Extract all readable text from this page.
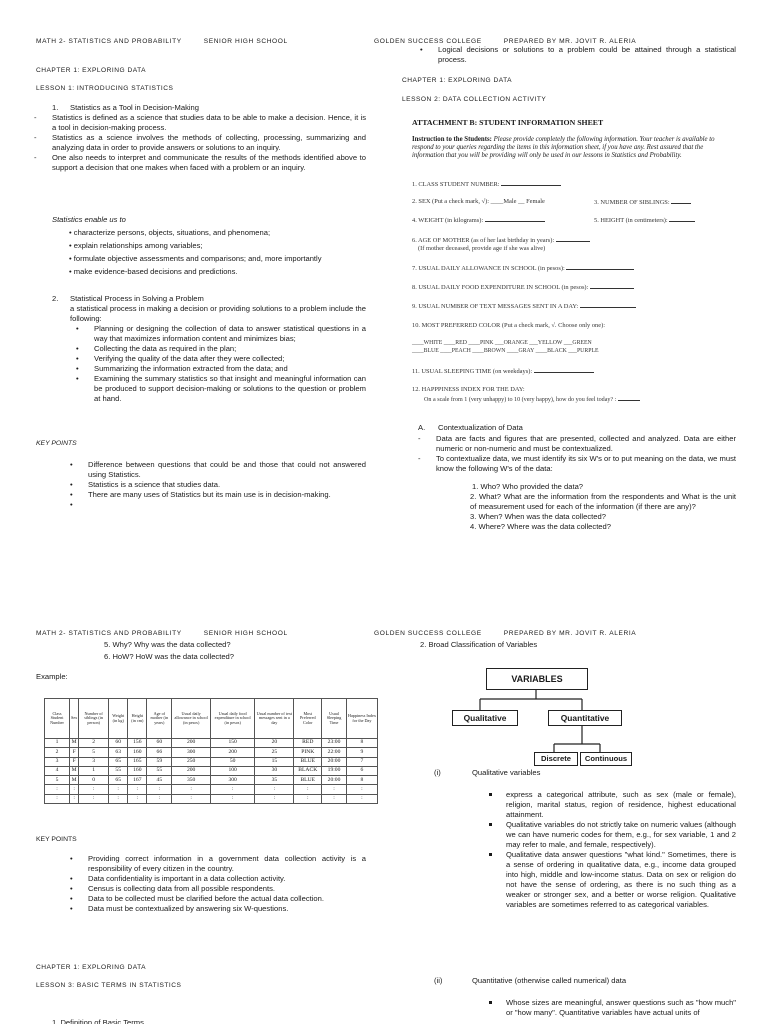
MATH 2- STATISTICS AND PROBABILITY	SENIOR HIGH SCHOOL
CHAPTER 1: EXPLORING DATA
LESSON 1: INTRODUCING STATISTICS
1. Statistics as a Tool in Decision-Making
- Statistics is defined as a science that studies data to be able to make a decision. Hence, it is a tool in decision-making process.
- Statistics as a science involves the methods of collecting, processing, summarizing and analyzing data in order to provide answers or solutions to an inquiry.
- One also needs to interpret and communicate the results of the methods identified above to support a decision that one makes when faced with a problem or an inquiry.
Statistics enable us to

• characterize persons, objects, situations, and phenomena;

• explain relationships among variables;

• formulate objective assessments and comparisons; and, more importantly

• make evidence-based decisions and predictions.

2. Statistical Process in Solving a Problem

a statistical process in making a decision or providing solutions to a problem include the following:

• Planning or designing the collection of data to answer statistical questions in a way that maximizes information content and minimizes bias;
• Collecting the data as required in the plan;
• Verifying the quality of the data after they were collected;
• Summarizing the information extracted from the data; and
• Examining the summary statistics so that insight and meaningful information can be produced to support decision-making or solutions to the question or problem at hand.
KEY POINTS
• Difference between questions that could be and those that could not answered using Statistics.
• Statistics is a science that studies data.
• There are many uses of Statistics but its main use is in decision-making.
•
GOLDEN SUCCESS COLLEGE	PREPARED BY MR. JOVIT R. ALERIA
• Logical decisions or solutions to a problem could be attained through a statistical process.
CHAPTER 1: EXPLORING DATA
LESSON 2: DATA COLLECTION ACTIVITY
ATTACHMENT B: STUDENT INFORMATION SHEET
Instruction to the Students: Please provide completely the following information. Your teacher is available to respond to your queries regarding the items in this information sheet, if you have any. Rest assured that the information that you will be providing will only be used in our lessons in Statistics and Probability.
1. CLASS STUDENT NUMBER:
2. SEX (Put a check mark, √): ____Male __ Female	3. NUMBER OF SIBLINGS:
4. WEIGHT (in kilograms):	5. HEIGHT (in centimeters):
6. AGE OF MOTHER (as of her last birthday in years):
(If mother deceased, provide age if she was alive)
7. USUAL DAILY ALLOWANCE IN SCHOOL (in pesos):
8. USUAL DAILY FOOD EXPENDITURE IN SCHOOL (in pesos):
9. USUAL NUMBER OF TEXT MESSAGES SENT IN A DAY:
10. MOST PREFERRED COLOR (Put a check mark, √. Choose only one):
____WHITE ____RED ____PINK ___ORANGE ___YELLOW ___GREEN
____BLUE ____PEACH ____BROWN ____GRAY ____BLACK ___PURPLE
11. USUAL SLEEPING TIME (on weekdays):
12. HAPPPINESS INDEX FOR THE DAY:
On a scale from 1 (very unhappy) to 10 (very happy), how do you feel today? :
A. Contextualization of Data
- Data are facts and figures that are presented, collected and analyzed. Data are either numeric or non-numeric and must be contextualized.
- To contextualize data, we must identify its six W's or to put meaning on the data, we must know the following W's of the data:

1. Who? Who provided the data?

2. What? What are the information from the respondents and What is the unit of measurement used for each of the information (if there are any)?

3. When? When was the data collected?

4. Where? Where was the data collected?

MATH 2- STATISTICS AND PROBABILITY	SENIOR HIGH SCHOOL
5. Why? Why was the data collected?
6. HoW? HoW was the data collected?
Example:
Class Student Number	Sex	Number of siblings (in person)	Weight (in kg)	Height (in cm)	Age of mother (in years)	Usual daily allowance in school (in pesos)	Usual daily food expenditure in school (in pesos)	Usual number of text messages sent in a day	Most Preferred Color	Usual Sleeping Time	Happiness Index for the Day
1	M	2	60	156	60	200	150	20	RED	23:00	8
2	F	5	63	160	66	300	200	25	PINK	22:00	9
3	F	3	65	165	59	250	50	15	BLUE	20:00	7
4	M	1	55	160	55	200	100	30	BLACK	19:00	6
5	M	0	65	167	45	350	300	35	BLUE	20:00	8
:	:	:	:	:	:	:	:	:	:	:	:
:	:	:	:	:	:	:	:	:	:	:	:
KEY POINTS
• Providing correct information in a government data collection activity is a responsibility of every citizen in the country.
• Data confidentiality is important in a data collection activity.
• Census is collecting data from all possible respondents.
• Data to be collected must be clarified before the actual data collection.
• Data must be contextualized by answering six W-questions.
CHAPTER 1: EXPLORING DATA
LESSON 3: BASIC TERMS IN STATISTICS
1. Definition of Basic Terms
GOLDEN SUCCESS COLLEGE	PREPARED BY MR. JOVIT R. ALERIA
2. Broad Classification of Variables
VARIABLES
Qualitative	Quantitative
Discrete	Continuous
(i)	Qualitative variables
express a categorical attribute, such as sex (male or female), religion, marital status, region of residence, highest educational attainment.
Qualitative variables do not strictly take on numeric values (although we can have numeric codes for them, e.g., for sex variable, 1 and 2 may refer to male, and female, respectively).
Qualitative data answer questions "what kind." Sometimes, there is a sense of ordering in qualitative data, e.g., income data grouped into high, middle and low-income status. Data on sex or religion do not have the sense of ordering, as there is no such thing as a weaker or stronger sex, and a better or worse religion. Qualitative variables are sometimes referred to as categorical variables.
(ii)	Quantitative (otherwise called numerical) data
Whose sizes are meaningful, answer questions such as "how much" or "how many". Quantitative variables have actual units of
